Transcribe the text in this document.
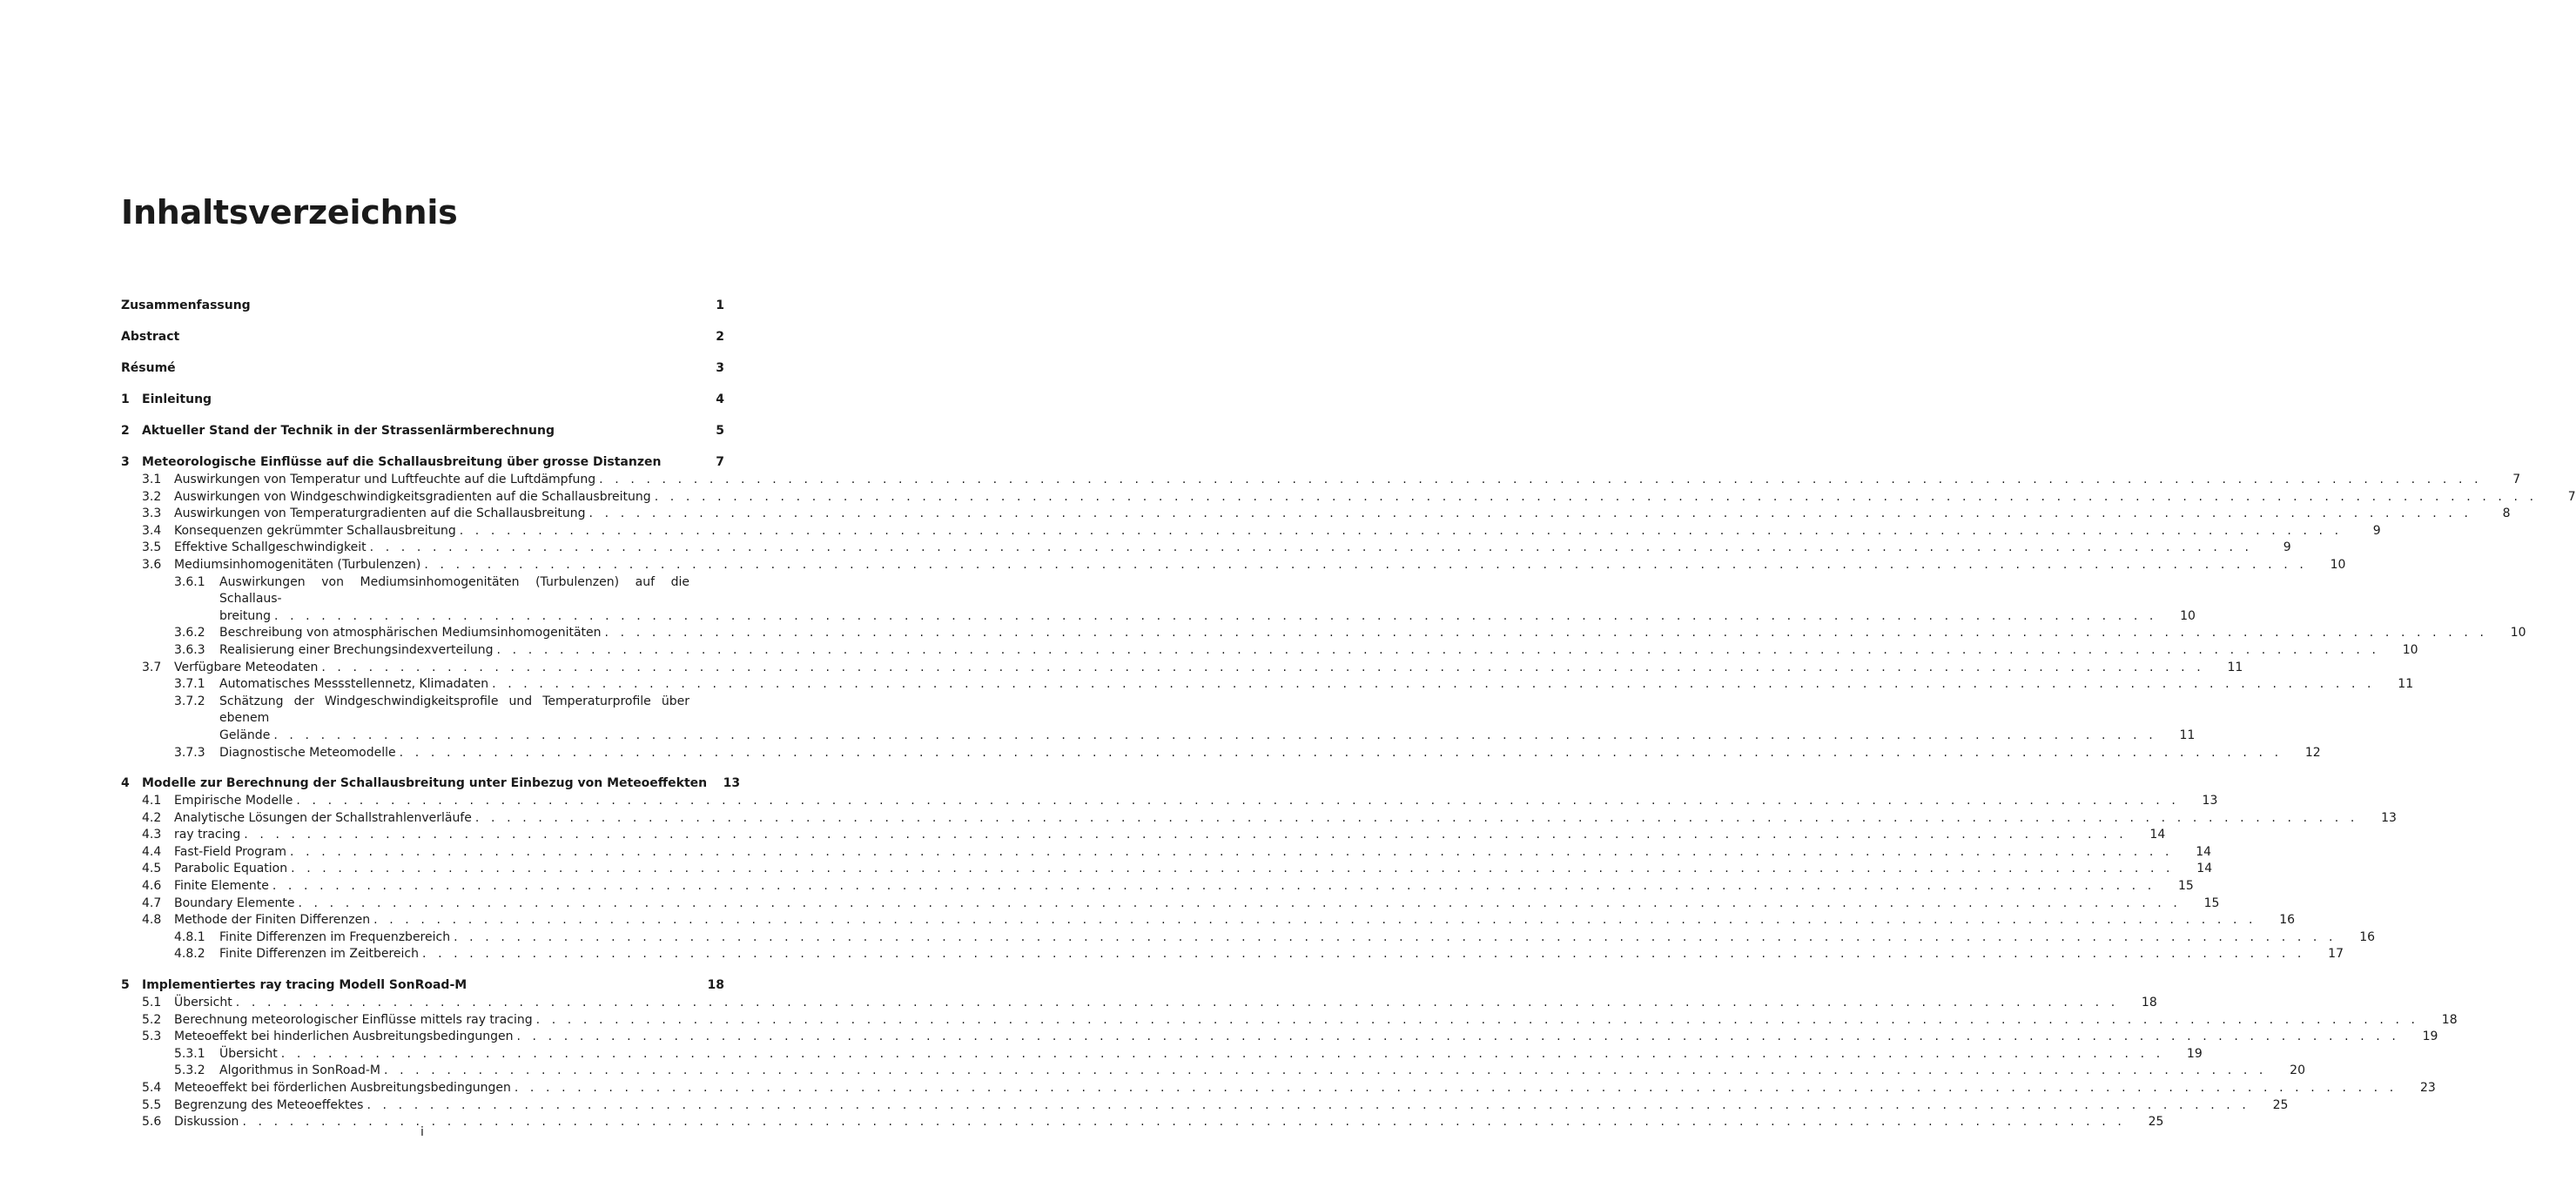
Inhaltsverzeichnis
Zusammenfassung	1
Abstract	2
Résumé	3
1	Einleitung	4
2	Aktueller Stand der Technik in der Strassenlärmberechnung	5
3	Meteorologische Einflüsse auf die Schallausbreitung über grosse Distanzen	7
3.1	Auswirkungen von Temperatur und Luftfeuchte auf die Luftdämpfung . . . . . . . . . . . . . . . . . . . . . . . . . . . . . . . . . . . . . . . . . . . . . . . . . . . . . . . . . . . . . . . . . . . . . . . . . . . . . . . . . . . . . . . . . . . . . . . . . . . . . . . . . . . . . . . . . . . . . . . .	7
3.2	Auswirkungen von Windgeschwindigkeitsgradienten auf die Schallausbreitung . . . . . . . . . . . . . . . . . . . . . . . . . . . . . . . . . . . . . . . . . . . . . . . . . . . . . . . . . . . . . . . . . . . . . . . . . . . . . . . . . . . . . . . . . . . . . . . . . . . . . . . . . . . . . . . . . . . . . . . .	7
3.3	Auswirkungen von Temperaturgradienten auf die Schallausbreitung . . . . . . . . . . . . . . . . . . . . . . . . . . . . . . . . . . . . . . . . . . . . . . . . . . . . . . . . . . . . . . . . . . . . . . . . . . . . . . . . . . . . . . . . . . . . . . . . . . . . . . . . . . . . . . . . . . . . . . . .	8
3.4	Konsequenzen gekrümmter Schallausbreitung . . . . . . . . . . . . . . . . . . . . . . . . . . . . . . . . . . . . . . . . . . . . . . . . . . . . . . . . . . . . . . . . . . . . . . . . . . . . . . . . . . . . . . . . . . . . . . . . . . . . . . . . . . . . . . . . . . . . . . . .	9
3.5	Effektive Schallgeschwindigkeit . . . . . . . . . . . . . . . . . . . . . . . . . . . . . . . . . . . . . . . . . . . . . . . . . . . . . . . . . . . . . . . . . . . . . . . . . . . . . . . . . . . . . . . . . . . . . . . . . . . . . . . . . . . . . . . . . . . . . . . .	9
3.6	Mediumsinhomogenitäten (Turbulenzen) . . . . . . . . . . . . . . . . . . . . . . . . . . . . . . . . . . . . . . . . . . . . . . . . . . . . . . . . . . . . . . . . . . . . . . . . . . . . . . . . . . . . . . . . . . . . . . . . . . . . . . . . . . . . . . . . . . . . . . . .	10
3.6.1	Auswirkungen von Mediumsinhomogenitäten (Turbulenzen) auf die Schallaus-
breitung . . . . . . . . . . . . . . . . . . . . . . . . . . . . . . . . . . . . . . . . . . . . . . . . . . . . . . . . . . . . . . . . . . . . . . . . . . . . . . . . . . . . . . . . . . . . . . . . . . . . . . . . . . . . . . . . . . . . . . . .	10
3.6.2	Beschreibung von atmosphärischen Mediumsinhomogenitäten . . . . . . . . . . . . . . . . . . . . . . . . . . . . . . . . . . . . . . . . . . . . . . . . . . . . . . . . . . . . . . . . . . . . . . . . . . . . . . . . . . . . . . . . . . . . . . . . . . . . . . . . . . . . . . . . . . . . . . . .	10
3.6.3	Realisierung einer Brechungsindexverteilung . . . . . . . . . . . . . . . . . . . . . . . . . . . . . . . . . . . . . . . . . . . . . . . . . . . . . . . . . . . . . . . . . . . . . . . . . . . . . . . . . . . . . . . . . . . . . . . . . . . . . . . . . . . . . . . . . . . . . . . .	10
3.7	Verfügbare Meteodaten . . . . . . . . . . . . . . . . . . . . . . . . . . . . . . . . . . . . . . . . . . . . . . . . . . . . . . . . . . . . . . . . . . . . . . . . . . . . . . . . . . . . . . . . . . . . . . . . . . . . . . . . . . . . . . . . . . . . . . . .	11
3.7.1	Automatisches Messstellennetz, Klimadaten . . . . . . . . . . . . . . . . . . . . . . . . . . . . . . . . . . . . . . . . . . . . . . . . . . . . . . . . . . . . . . . . . . . . . . . . . . . . . . . . . . . . . . . . . . . . . . . . . . . . . . . . . . . . . . . . . . . . . . . .	11
3.7.2	Schätzung der Windgeschwindigkeitsprofile und Temperaturprofile über ebenem
Gelände . . . . . . . . . . . . . . . . . . . . . . . . . . . . . . . . . . . . . . . . . . . . . . . . . . . . . . . . . . . . . . . . . . . . . . . . . . . . . . . . . . . . . . . . . . . . . . . . . . . . . . . . . . . . . . . . . . . . . . . .	11
3.7.3	Diagnostische Meteomodelle . . . . . . . . . . . . . . . . . . . . . . . . . . . . . . . . . . . . . . . . . . . . . . . . . . . . . . . . . . . . . . . . . . . . . . . . . . . . . . . . . . . . . . . . . . . . . . . . . . . . . . . . . . . . . . . . . . . . . . . .	12
4	Modelle zur Berechnung der Schallausbreitung unter Einbezug von Meteoeffekten	13
4.1	Empirische Modelle . . . . . . . . . . . . . . . . . . . . . . . . . . . . . . . . . . . . . . . . . . . . . . . . . . . . . . . . . . . . . . . . . . . . . . . . . . . . . . . . . . . . . . . . . . . . . . . . . . . . . . . . . . . . . . . . . . . . . . . .	13
4.2	Analytische Lösungen der Schallstrahlenverläufe . . . . . . . . . . . . . . . . . . . . . . . . . . . . . . . . . . . . . . . . . . . . . . . . . . . . . . . . . . . . . . . . . . . . . . . . . . . . . . . . . . . . . . . . . . . . . . . . . . . . . . . . . . . . . . . . . . . . . . . .	13
4.3	ray tracing . . . . . . . . . . . . . . . . . . . . . . . . . . . . . . . . . . . . . . . . . . . . . . . . . . . . . . . . . . . . . . . . . . . . . . . . . . . . . . . . . . . . . . . . . . . . . . . . . . . . . . . . . . . . . . . . . . . . . . . .	14
4.4	Fast-Field Program . . . . . . . . . . . . . . . . . . . . . . . . . . . . . . . . . . . . . . . . . . . . . . . . . . . . . . . . . . . . . . . . . . . . . . . . . . . . . . . . . . . . . . . . . . . . . . . . . . . . . . . . . . . . . . . . . . . . . . . .	14
4.5	Parabolic Equation . . . . . . . . . . . . . . . . . . . . . . . . . . . . . . . . . . . . . . . . . . . . . . . . . . . . . . . . . . . . . . . . . . . . . . . . . . . . . . . . . . . . . . . . . . . . . . . . . . . . . . . . . . . . . . . . . . . . . . . .	14
4.6	Finite Elemente . . . . . . . . . . . . . . . . . . . . . . . . . . . . . . . . . . . . . . . . . . . . . . . . . . . . . . . . . . . . . . . . . . . . . . . . . . . . . . . . . . . . . . . . . . . . . . . . . . . . . . . . . . . . . . . . . . . . . . . .	15
4.7	Boundary Elemente . . . . . . . . . . . . . . . . . . . . . . . . . . . . . . . . . . . . . . . . . . . . . . . . . . . . . . . . . . . . . . . . . . . . . . . . . . . . . . . . . . . . . . . . . . . . . . . . . . . . . . . . . . . . . . . . . . . . . . . .	15
4.8	Methode der Finiten Differenzen . . . . . . . . . . . . . . . . . . . . . . . . . . . . . . . . . . . . . . . . . . . . . . . . . . . . . . . . . . . . . . . . . . . . . . . . . . . . . . . . . . . . . . . . . . . . . . . . . . . . . . . . . . . . . . . . . . . . . . . .	16
4.8.1	Finite Differenzen im Frequenzbereich . . . . . . . . . . . . . . . . . . . . . . . . . . . . . . . . . . . . . . . . . . . . . . . . . . . . . . . . . . . . . . . . . . . . . . . . . . . . . . . . . . . . . . . . . . . . . . . . . . . . . . . . . . . . . . . . . . . . . . . .	16
4.8.2	Finite Differenzen im Zeitbereich . . . . . . . . . . . . . . . . . . . . . . . . . . . . . . . . . . . . . . . . . . . . . . . . . . . . . . . . . . . . . . . . . . . . . . . . . . . . . . . . . . . . . . . . . . . . . . . . . . . . . . . . . . . . . . . . . . . . . . . .	17
5	Implementiertes ray tracing Modell SonRoad-M	18
5.1	Übersicht . . . . . . . . . . . . . . . . . . . . . . . . . . . . . . . . . . . . . . . . . . . . . . . . . . . . . . . . . . . . . . . . . . . . . . . . . . . . . . . . . . . . . . . . . . . . . . . . . . . . . . . . . . . . . . . . . . . . . . . .	18
5.2	Berechnung meteorologischer Einflüsse mittels ray tracing . . . . . . . . . . . . . . . . . . . . . . . . . . . . . . . . . . . . . . . . . . . . . . . . . . . . . . . . . . . . . . . . . . . . . . . . . . . . . . . . . . . . . . . . . . . . . . . . . . . . . . . . . . . . . . . . . . . . . . . .	18
5.3	Meteoeffekt bei hinderlichen Ausbreitungsbedingungen . . . . . . . . . . . . . . . . . . . . . . . . . . . . . . . . . . . . . . . . . . . . . . . . . . . . . . . . . . . . . . . . . . . . . . . . . . . . . . . . . . . . . . . . . . . . . . . . . . . . . . . . . . . . . . . . . . . . . . . .	19
5.3.1	Übersicht . . . . . . . . . . . . . . . . . . . . . . . . . . . . . . . . . . . . . . . . . . . . . . . . . . . . . . . . . . . . . . . . . . . . . . . . . . . . . . . . . . . . . . . . . . . . . . . . . . . . . . . . . . . . . . . . . . . . . . . .	19
5.3.2	Algorithmus in SonRoad-M . . . . . . . . . . . . . . . . . . . . . . . . . . . . . . . . . . . . . . . . . . . . . . . . . . . . . . . . . . . . . . . . . . . . . . . . . . . . . . . . . . . . . . . . . . . . . . . . . . . . . . . . . . . . . . . . . . . . . . . .	20
5.4	Meteoeffekt bei förderlichen Ausbreitungsbedingungen . . . . . . . . . . . . . . . . . . . . . . . . . . . . . . . . . . . . . . . . . . . . . . . . . . . . . . . . . . . . . . . . . . . . . . . . . . . . . . . . . . . . . . . . . . . . . . . . . . . . . . . . . . . . . . . . . . . . . . . .	23
5.5	Begrenzung des Meteoeffektes . . . . . . . . . . . . . . . . . . . . . . . . . . . . . . . . . . . . . . . . . . . . . . . . . . . . . . . . . . . . . . . . . . . . . . . . . . . . . . . . . . . . . . . . . . . . . . . . . . . . . . . . . . . . . . . . . . . . . . . .	25
5.6	Diskussion . . . . . . . . . . . . . . . . . . . . . . . . . . . . . . . . . . . . . . . . . . . . . . . . . . . . . . . . . . . . . . . . . . . . . . . . . . . . . . . . . . . . . . . . . . . . . . . . . . . . . . . . . . . . . . . . . . . . . . . .	25
i
